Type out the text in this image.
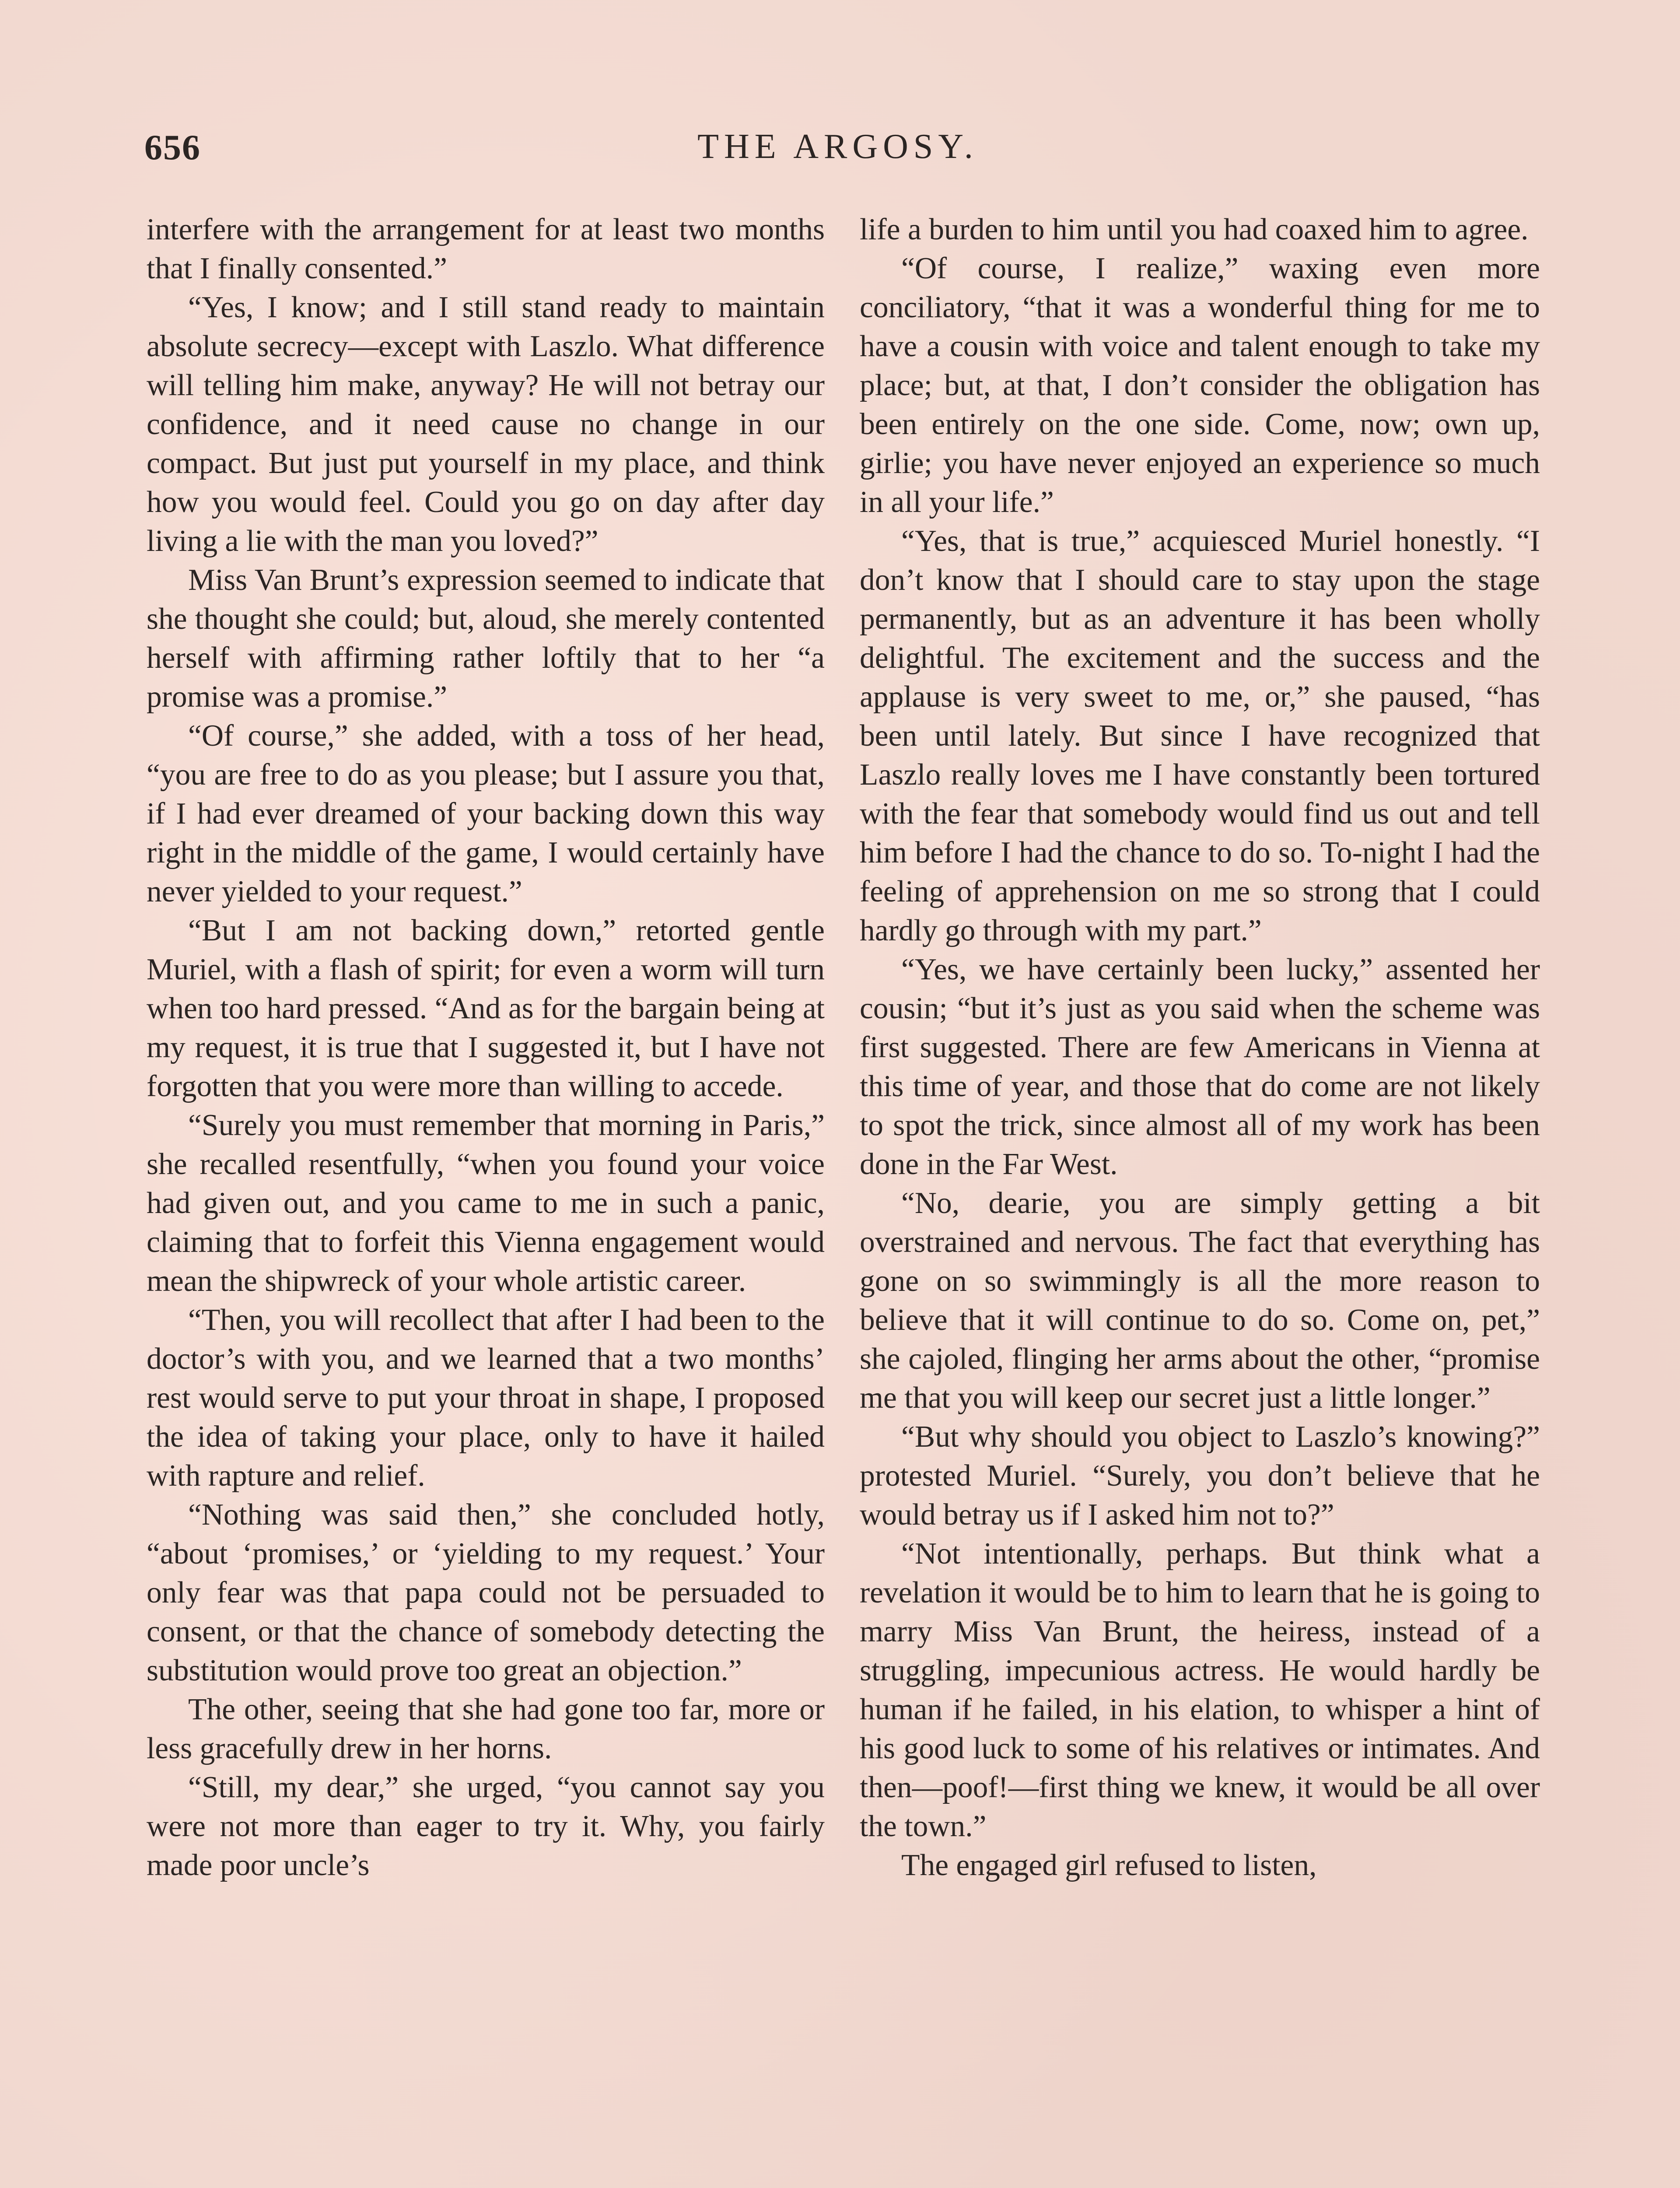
656	THE ARGOSY.

interfere with the arrangement for at least two months that I finally consented.”

“Yes, I know; and I still stand ready to maintain absolute secrecy—except with Laszlo. What difference will telling him make, anyway? He will not betray our confidence, and it need cause no change in our compact. But just put yourself in my place, and think how you would feel. Could you go on day after day living a lie with the man you loved?”

Miss Van Brunt’s expression seemed to indicate that she thought she could; but, aloud, she merely contented herself with affirming rather loftily that to her “a promise was a promise.”

“Of course,” she added, with a toss of her head, “you are free to do as you please; but I assure you that, if I had ever dreamed of your backing down this way right in the middle of the game, I would certainly have never yielded to your request.”

“But I am not backing down,” retorted gentle Muriel, with a flash of spirit; for even a worm will turn when too hard pressed. “And as for the bargain being at my request, it is true that I suggested it, but I have not forgotten that you were more than willing to accede.

“Surely you must remember that morning in Paris,” she recalled resentfully, “when you found your voice had given out, and you came to me in such a panic, claiming that to forfeit this Vienna engagement would mean the shipwreck of your whole artistic career.

“Then, you will recollect that after I had been to the doctor’s with you, and we learned that a two months’ rest would serve to put your throat in shape, I proposed the idea of taking your place, only to have it hailed with rapture and relief.

“Nothing was said then,” she concluded hotly, “about ‘promises,’ or ‘yielding to my request.’ Your only fear was that papa could not be persuaded to consent, or that the chance of somebody detecting the substitution would prove too great an objection.”

The other, seeing that she had gone too far, more or less gracefully drew in her horns.

“Still, my dear,” she urged, “you cannot say you were not more than eager to try it. Why, you fairly made poor uncle’s

life a burden to him until you had coaxed him to agree.

“Of course, I realize,” waxing even more conciliatory, “that it was a wonderful thing for me to have a cousin with voice and talent enough to take my place; but, at that, I don’t consider the obligation has been entirely on the one side. Come, now; own up, girlie; you have never enjoyed an experience so much in all your life.”

“Yes, that is true,” acquiesced Muriel honestly. “I don’t know that I should care to stay upon the stage permanently, but as an adventure it has been wholly delightful. The excitement and the success and the applause is very sweet to me, or,” she paused, “has been until lately. But since I have recognized that Laszlo really loves me I have constantly been tortured with the fear that somebody would find us out and tell him before I had the chance to do so. To-night I had the feeling of apprehension on me so strong that I could hardly go through with my part.”

“Yes, we have certainly been lucky,” assented her cousin; “but it’s just as you said when the scheme was first suggested. There are few Americans in Vienna at this time of year, and those that do come are not likely to spot the trick, since almost all of my work has been done in the Far West.

“No, dearie, you are simply getting a bit overstrained and nervous. The fact that everything has gone on so swimmingly is all the more reason to believe that it will continue to do so. Come on, pet,” she cajoled, flinging her arms about the other, “promise me that you will keep our secret just a little longer.”

“But why should you object to Laszlo’s knowing?” protested Muriel. “Surely, you don’t believe that he would betray us if I asked him not to?”

“Not intentionally, perhaps. But think what a revelation it would be to him to learn that he is going to marry Miss Van Brunt, the heiress, instead of a struggling, impecunious actress. He would hardly be human if he failed, in his elation, to whisper a hint of his good luck to some of his relatives or intimates. And then—poof!—first thing we knew, it would be all over the town.”

The engaged girl refused to listen,
